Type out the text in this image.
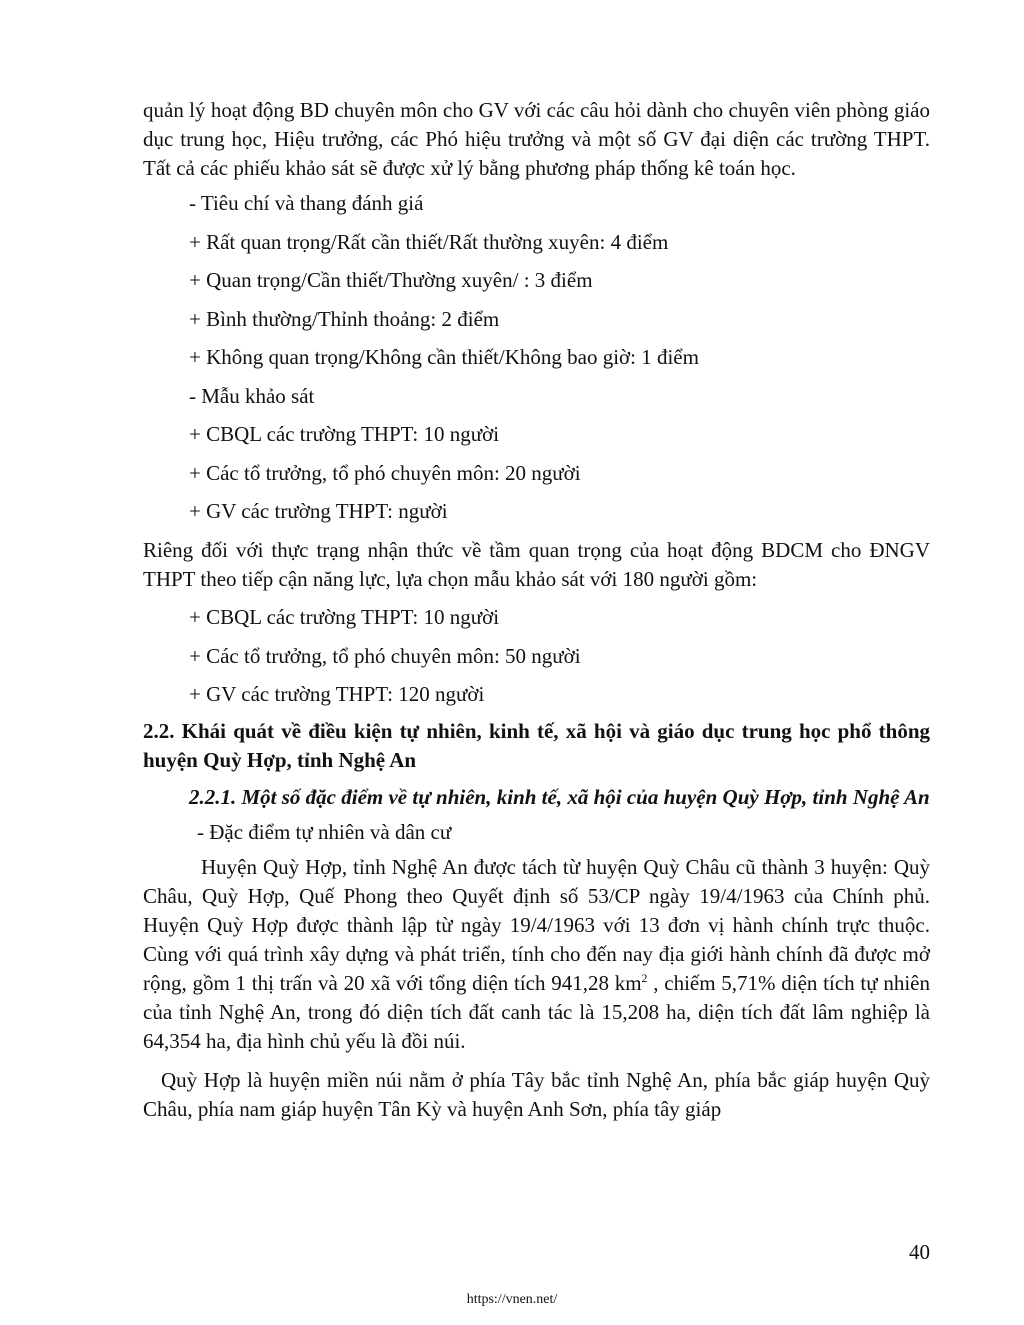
quản lý hoạt động BD chuyên môn cho GV với các câu hỏi dành cho chuyên viên phòng giáo dục trung học, Hiệu trưởng, các Phó hiệu trưởng và một số GV đại diện các trường THPT. Tất cả các phiếu khảo sát sẽ được xử lý bằng phương pháp thống kê toán học.

- Tiêu chí và thang đánh giá

+ Rất quan trọng/Rất cần thiết/Rất thường xuyên: 4 điểm

+ Quan trọng/Cần thiết/Thường xuyên/ : 3 điểm

+ Bình thường/Thỉnh thoảng: 2 điểm

+ Không quan trọng/Không cần thiết/Không bao giờ: 1 điểm

- Mẫu khảo sát

+ CBQL các trường THPT: 10 người

+ Các tổ trưởng, tổ phó chuyên môn: 20 người

+ GV các trường THPT: người

Riêng đối với thực trạng nhận thức về tầm quan trọng của hoạt động BDCM cho ĐNGV THPT theo tiếp cận năng lực, lựa chọn mẫu khảo sát với 180 người gồm:

+ CBQL các trường THPT: 10 người

+ Các tổ trưởng, tổ phó chuyên môn: 50 người

+ GV các trường THPT: 120 người

2.2. Khái quát về điều kiện tự nhiên, kinh tế, xã hội và giáo dục trung học phổ thông huyện Quỳ Hợp, tỉnh Nghệ An

2.2.1. Một số đặc điểm về tự nhiên, kinh tế, xã hội của huyện Quỳ Hợp, tỉnh Nghệ An

- Đặc điểm tự nhiên và dân cư

Huyện Quỳ Hợp, tỉnh Nghệ An được tách từ huyện Quỳ Châu cũ thành 3 huyện: Quỳ Châu, Quỳ Hợp, Quế Phong theo Quyết định số 53/CP ngày 19/4/1963 của Chính phủ. Huyện Quỳ Hợp được thành lập từ ngày 19/4/1963 với 13 đơn vị hành chính trực thuộc. Cùng với quá trình xây dựng và phát triển, tính cho đến nay địa giới hành chính đã được mở rộng, gồm 1 thị trấn và 20 xã với tổng diện tích 941,28 $km^2$ , chiếm 5,71% diện tích tự nhiên của tỉnh Nghệ An, trong đó diện tích đất canh tác là 15,208 ha, diện tích đất lâm nghiệp là 64,354 ha, địa hình chủ yếu là đồi núi.

Quỳ Hợp là huyện miền núi nằm ở phía Tây bắc tỉnh Nghệ An, phía bắc giáp huyện Quỳ Châu, phía nam giáp huyện Tân Kỳ và huyện Anh Sơn, phía tây giáp

40
https://vnen.net/
